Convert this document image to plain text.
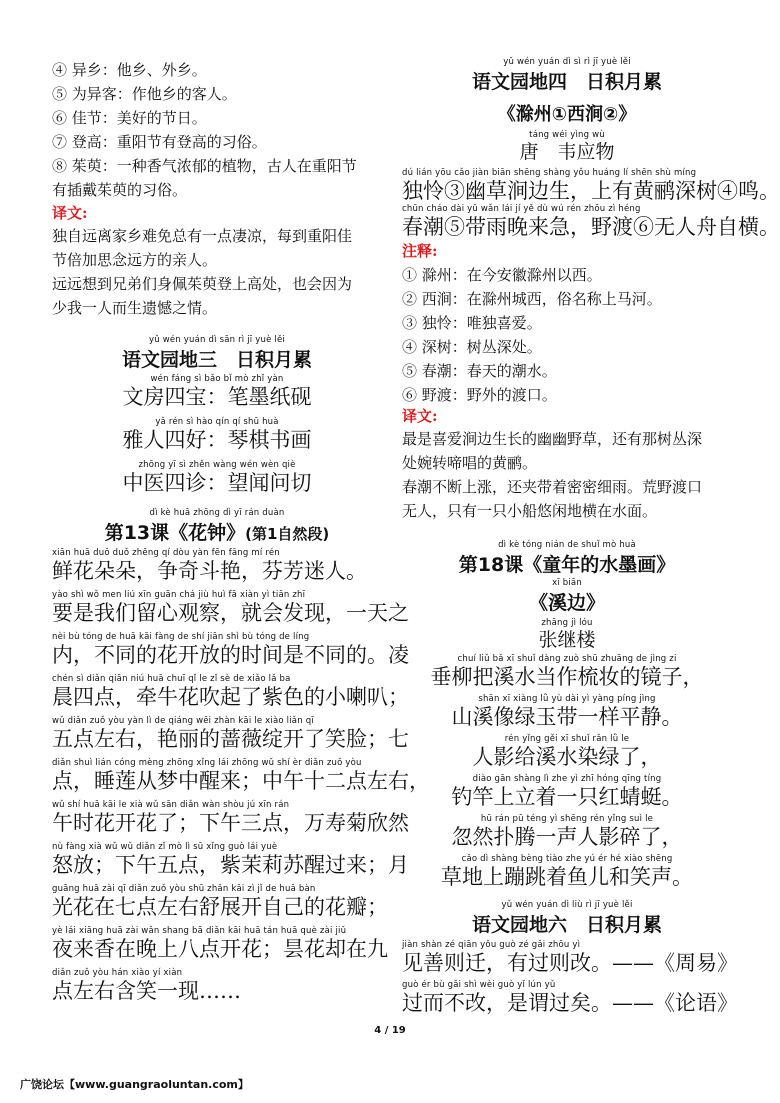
④ 异乡：他乡、外乡。
⑤ 为异客：作他乡的客人。
⑥ 佳节：美好的节日。
⑦ 登高：重阳节有登高的习俗。
⑧ 茱萸：一种香气浓郁的植物，古人在重阳节
有插戴茱萸的习俗。
译文:
独自远离家乡难免总有一点凄凉，每到重阳佳
节倍加思念远方的亲人。
远远想到兄弟们身佩茱萸登上高处，也会因为
少我一人而生遗憾之情。
yǔ wén yuán dì sān rì jī yuè lěi
语文园地三　日积月累
wén fáng sì bǎo bǐ mò zhǐ yàn
文房四宝：笔墨纸砚
yǎ rén sì hào qín qí shū huà
雅人四好：琴棋书画
zhōng yī sì zhěn wàng wén wèn qiè
中医四诊：望闻问切
dì kè huā zhōng dì yī rán duàn
第13课《花钟》(第1自然段)
xiān huā duǒ duǒ zhēng qí dòu yàn fēn fāng mí rén
鲜花朵朵，争奇斗艳，芬芳迷人。
yào shì wǒ men liú xīn guān chá jiù huì fā xiàn yì tiān zhī
要是我们留心观察，就会发现，一天之
nèi bù tóng de huā kāi fàng de shí jiān shì bù tóng de líng
内，不同的花开放的时间是不同的。凌
chén sì diǎn qiān niú huā chuī qǐ le zǐ sè de xiǎo lǎ ba
晨四点，牵牛花吹起了紫色的小喇叭；
wǔ diǎn zuǒ yòu yàn lì de qiáng wēi zhàn kāi le xiào liǎn qī
五点左右，艳丽的蔷薇绽开了笑脸；七
diǎn shuì lián cóng mèng zhōng xǐng lái zhōng wǔ shí èr diǎn zuǒ yòu
点，睡莲从梦中醒来；中午十二点左右，
wǔ shí huā kāi le xià wǔ sān diǎn wàn shòu jú xīn rán
午时花开花了；下午三点，万寿菊欣然
nù fàng xià wǔ wǔ diǎn zǐ mò lì sū xǐng guò lái yuè
怒放；下午五点，紫茉莉苏醒过来；月
guāng huā zài qī diǎn zuǒ yòu shū zhǎn kāi zì jǐ de huā bàn
光花在七点左右舒展开自己的花瓣；
yè lái xiāng huā zài wǎn shang bā diǎn kāi huā tán huā què zài jiǔ
夜来香在晚上八点开花；昙花却在九
diǎn zuǒ yòu hán xiào yí xiàn
点左右含笑一现……
yǔ wén yuán dì sì rì jī yuè lěi
语文园地四　日积月累
《滁州①西涧②》
táng wéi yìng wù
唐　韦应物
dú lián yōu cǎo jiàn biān shēng shàng yǒu huáng lí shēn shù míng
独怜③幽草涧边生，上有黄鹂深树④鸣。
chūn cháo dài yǔ wǎn lái jí yě dù wú rén zhōu zì héng
春潮⑤带雨晚来急，野渡⑥无人舟自横。
注释:
① 滁州：在今安徽滁州以西。
② 西涧：在滁州城西，俗名称上马河。
③ 独怜：唯独喜爱。
④ 深树：树丛深处。
⑤ 春潮：春天的潮水。
⑥ 野渡：野外的渡口。
译文:
最是喜爱涧边生长的幽幽野草，还有那树丛深
处婉转啼唱的黄鹂。
春潮不断上涨，还夹带着密密细雨。荒野渡口
无人，只有一只小船悠闲地横在水面。
dì kè tóng nián de shuǐ mò huà
第18课《童年的水墨画》
xī biān
《溪边》
zhāng jì lóu
张继楼
chuí liǔ bǎ xī shuǐ dàng zuò shū zhuāng de jìng zi
垂柳把溪水当作梳妆的镜子，
shān xī xiàng lǜ yù dài yì yàng píng jìng
山溪像绿玉带一样平静。
rén yǐng gěi xī shuǐ rǎn lǜ le
人影给溪水染绿了，
diào gān shàng lì zhe yì zhī hóng qīng tíng
钓竿上立着一只红蜻蜓。
hū rán pū téng yì shēng rén yǐng suì le
忽然扑腾一声人影碎了，
cǎo dì shàng bèng tiào zhe yú ér hé xiào shēng
草地上蹦跳着鱼儿和笑声。
yǔ wén yuán dì liù rì jī yuè lěi
语文园地六　日积月累
jiàn shàn zé qiān yǒu guò zé gǎi zhōu yì
见善则迁，有过则改。——《周易》
guò ér bù gǎi shì wèi guò yǐ lún yǔ
过而不改，是谓过矣。——《论语》
4 / 19
广饶论坛【www.guangraoluntan.com】
